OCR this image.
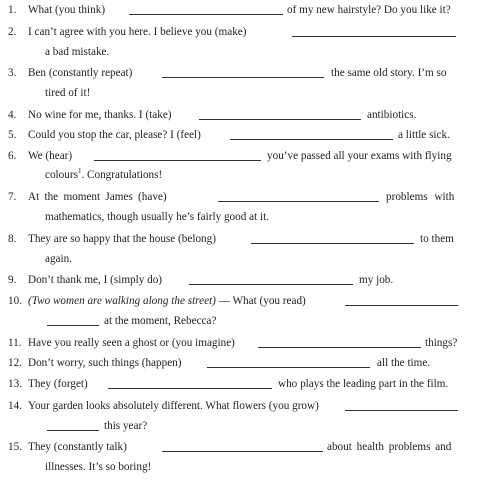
1. What (you think)	of my new hairstyle? Do you like it?
2. I can’t agree with you here. I believe you (make)
a bad mistake.
3. Ben (constantly repeat)	the same old story. I’m so
tired of it!
4. No wine for me, thanks. I (take)	antibiotics.
5. Could you stop the car, please? I (feel)	a little sick.
6. We (hear)	you’ve passed all your exams with flying
colours$^1$. Congratulations!
7. At the moment James (have)	problems with
mathematics, though usually he’s fairly good at it.
8. They are so happy that the house (belong)	to them
again.
9. Don’t thank me, I (simply do)	my job.
10. (Two women are walking along the street) — What (you read)
at the moment, Rebecca?
11. Have you really seen a ghost or (you imagine)	things?
12. Don’t worry, such things (happen)	all the time.
13. They (forget)	who plays the leading part in the film.
14. Your garden looks absolutely different. What flowers (you grow)
this year?
15. They (constantly talk)	about health problems and
illnesses. It’s so boring!
